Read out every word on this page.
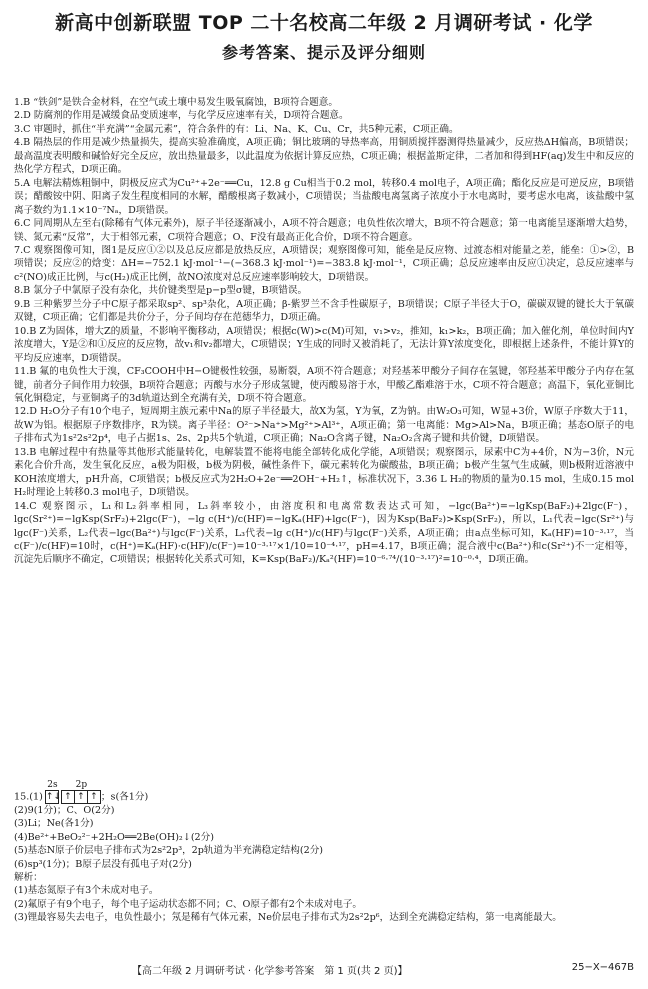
新高中创新联盟 TOP 二十名校高二年级 2 月调研考试 · 化学
参考答案、提示及评分细则

1.B “铁剑”是铁合金材料，在空气或土壤中易发生吸氧腐蚀，B项符合题意。

2.D 防腐剂的作用是减缓食品变质速率，与化学反应速率有关，D项符合题意。

3.C 审题时，抓住“半充满”“金属元素”，符合条件的有：Li、Na、K、Cu、Cr，共5种元素，C项正确。

4.B 隔热层的作用是减少热量损失，提高实验准确度，A项正确；铜比玻璃的导热率高，用铜质搅拌器测得热量减少，反应热ΔH偏高，B项错误；最高温度表明酸和碱恰好完全反应，放出热量最多，以此温度为依据计算反应热，C项正确；根据盖斯定律，二者加和得到HF(aq)发生中和反应的热化学方程式，D项正确。

5.A 电解法精炼粗铜中，阴极反应式为Cu²⁺+2e⁻══Cu，12.8 g Cu相当于0.2 mol，转移0.4 mol电子，A项正确；酯化反应是可逆反应，B项错误；醋酸铵中阴、阳离子发生程度相同的水解，醋酸根离子数减小，C项错误；当盐酸电离氢离子浓度小于水电离时，要考虑水电离，该盐酸中氢离子数约为1.1×10⁻⁷Nₐ，D项错误。

6.C 同周期从左至右(除稀有气体元素外)，原子半径逐渐减小，A项不符合题意；电负性依次增大，B项不符合题意；第一电离能呈逐渐增大趋势，镁、氮元素“反常”，大于相邻元素，C项符合题意；O、F没有最高正化合价，D项不符合题意。

7.C 观察图像可知，图1是反应①②以及总反应都是放热反应，A项错误；观察图像可知，能垒是反应物、过渡态相对能量之差，能垒：①>②，B项错误；反应②的焓变：ΔH=−752.1 kJ·mol⁻¹−(−368.3 kJ·mol⁻¹)=−383.8 kJ·mol⁻¹，C项正确；总反应速率由反应①决定，总反应速率与c²(NO)成正比例，与c(H₂)成正比例，故NO浓度对总反应速率影响较大，D项错误。

8.B 氯分子中氯原子没有杂化，共价键类型是p−p型σ键，B项错误。

9.B 三种紫罗兰分子中C原子都采取sp²、sp³杂化，A项正确；β-紫罗兰不含手性碳原子，B项错误；C原子半径大于O，碳碳双键的键长大于氧碳双键，C项正确；它们都是共价分子，分子间均存在范德华力，D项正确。

10.B Z为固体，增大Z的质量，不影响平衡移动，A项错误；根据c(W)>c(M)可知，v₁>v₂，推知，k₁>k₂，B项正确；加入催化剂，单位时间内Y浓度增大，Y是②和①反应的反应物，故v₁和v₂都增大，C项错误；Y生成的同时又被消耗了，无法计算Y浓度变化，即根据上述条件，不能计算Y的平均反应速率，D项错误。

11.B 氟的电负性大于溴，CF₃COOH中H−O键极性较强，易断裂，A项不符合题意；对羟基苯甲酸分子间存在氢键，邻羟基苯甲酸分子内存在氢键，前者分子间作用力较强，B项符合题意；丙酸与水分子形成氢键，使丙酸易溶于水，甲酸乙酯难溶于水，C项不符合题意；高温下，氧化亚铜比氧化铜稳定，与亚铜离子的3d轨道达到全充满有关，D项不符合题意。

12.D H₂O分子有10个电子，短周期主族元素中Na的原子半径最大，故X为氢，Y为氧，Z为钠。由W₂O₃可知，W显+3价，W原子序数大于11，故W为铝。根据原子序数排序，R为镁。离子半径：O²⁻>Na⁺>Mg²⁺>Al³⁺，A项正确；第一电离能：Mg>Al>Na，B项正确；基态O原子的电子排布式为1s²2s²2p⁴，电子占据1s、2s、2p共5个轨道，C项正确；Na₂O含离子键，Na₂O₂含离子键和共价键，D项错误。

13.B 电解过程中有热量等其他形式能量转化，电解装置不能将电能全部转化成化学能，A项错误；观察图示，尿素中C为+4价，N为−3价，N元素化合价升高，发生氧化反应，a极为阳极，b极为阴极，碱性条件下，碳元素转化为碳酸盐，B项正确；b极产生氢气生成碱，则b极附近溶液中KOH浓度增大，pH升高，C项错误；b极反应式为2H₂O+2e⁻══2OH⁻+H₂↑，标准状况下，3.36 L H₂的物质的量为0.15 mol，生成0.15 mol H₂时理论上转移0.3 mol电子，D项错误。

14.C 观察图示，L₁和L₂斜率相同，L₃斜率较小，由溶度积和电离常数表达式可知，−lgc(Ba²⁺)=−lgKsp(BaF₂)+2lgc(F⁻)，lgc(Sr²⁺)=−lgKsp(SrF₂)+2lgc(F⁻)，−lg c(H⁺)/c(HF)=−lgKₐ(HF)+lgc(F⁻)，因为Ksp(BaF₂)>Ksp(SrF₂)，所以，L₁代表−lgc(Sr²⁺)与lgc(F⁻)关系，L₂代表−lgc(Ba²⁺)与lgc(F⁻)关系，L₃代表−lg c(H⁺)/c(HF)与lgc(F⁻)关系，A项正确；由a点坐标可知，Kₐ(HF)=10⁻³·¹⁷，当c(F⁻)/c(HF)=10时，c(H⁺)=Kₐ(HF)·c(HF)/c(F⁻)=10⁻³·¹⁷×1/10=10⁻⁴·¹⁷，pH=4.17，B项正确；混合液中c(Ba²⁺)和c(Sr²⁺)不一定相等，沉淀先后顺序不确定，C项错误；根据转化关系式可知，K=Ksp(BaF₂)/Kₐ²(HF)=10⁻⁶·⁷⁴/(10⁻³·¹⁷)²=10⁻⁰·⁴，D项正确。

15.(1)
2s
↑↓
2p
↑ ↑ ↑ ；s(各1分)
(2)9(1分)；C、O(2分)
(3)Li；Ne(各1分)
(4)Be²⁺+BeO₂²⁻+2H₂O══2Be(OH)₂↓(2分)
(5)基态N原子价层电子排布式为2s²2p³，2p轨道为半充满稳定结构(2分)
(6)sp³(1分)；B原子层没有孤电子对(2分)
解析：
(1)基态氮原子有3个未成对电子。
(2)氟原子有9个电子，每个电子运动状态都不同；C、O原子都有2个未成对电子。
(3)锂最容易失去电子，电负性最小；氖是稀有气体元素，Ne价层电子排布式为2s²2p⁶，达到全充满稳定结构，第一电离能最大。
【高二年级 2 月调研考试 · 化学参考答案　第 1 页(共 2 页)】	25−X−467B
